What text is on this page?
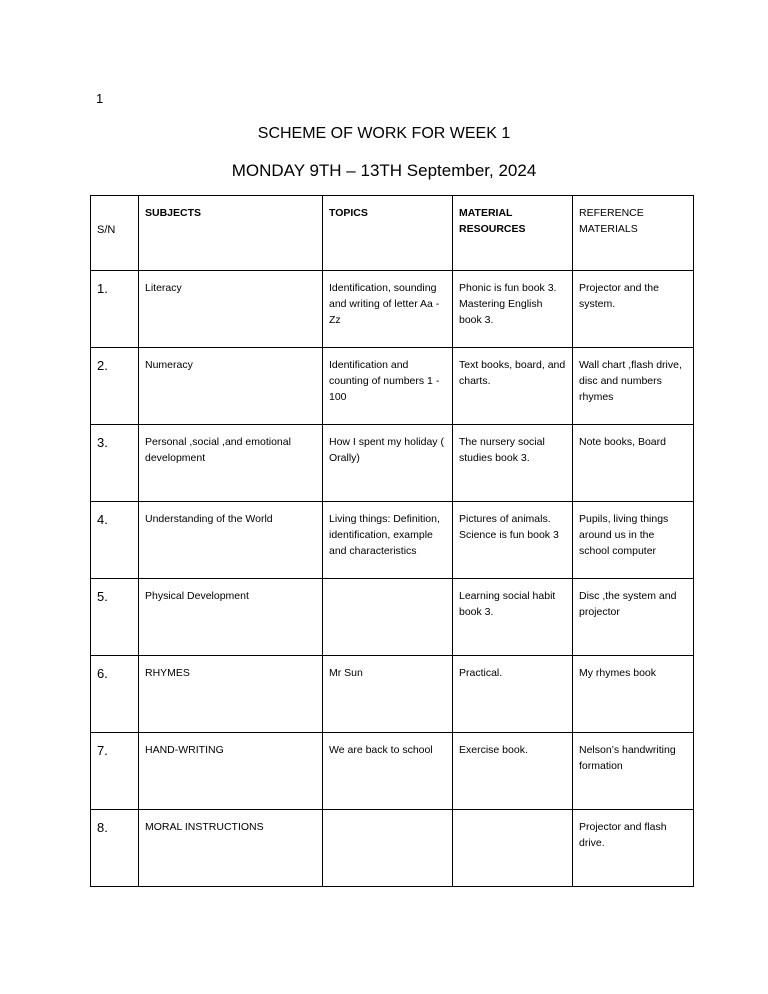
1
SCHEME OF WORK FOR WEEK 1
MONDAY 9TH – 13TH September, 2024
S/N	SUBJECTS	TOPICS	MATERIAL RESOURCES	REFERENCE MATERIALS
1.	Literacy	Identification, sounding and writing of letter Aa - Zz	Phonic is fun book 3. Mastering English book 3.	Projector and the system.
2.	Numeracy	Identification and counting of numbers 1 - 100	Text books, board, and charts.	Wall chart ,flash drive, disc and numbers rhymes
3.	Personal ,social ,and emotional development	How I spent my holiday ( Orally)	The nursery social studies book 3.	Note books, Board
4.	Understanding of the World	Living things: Definition, identification, example and characteristics	Pictures of animals. Science is fun book 3	Pupils, living things around us in the school computer
5.	Physical Development		Learning social habit book 3.	Disc ,the system and projector
6.	RHYMES	Mr Sun	Practical.	My rhymes book
7.	HAND-WRITING	We are back to school	Exercise book.	Nelson’s handwriting formation
8.	MORAL INSTRUCTIONS			Projector and flash drive.
